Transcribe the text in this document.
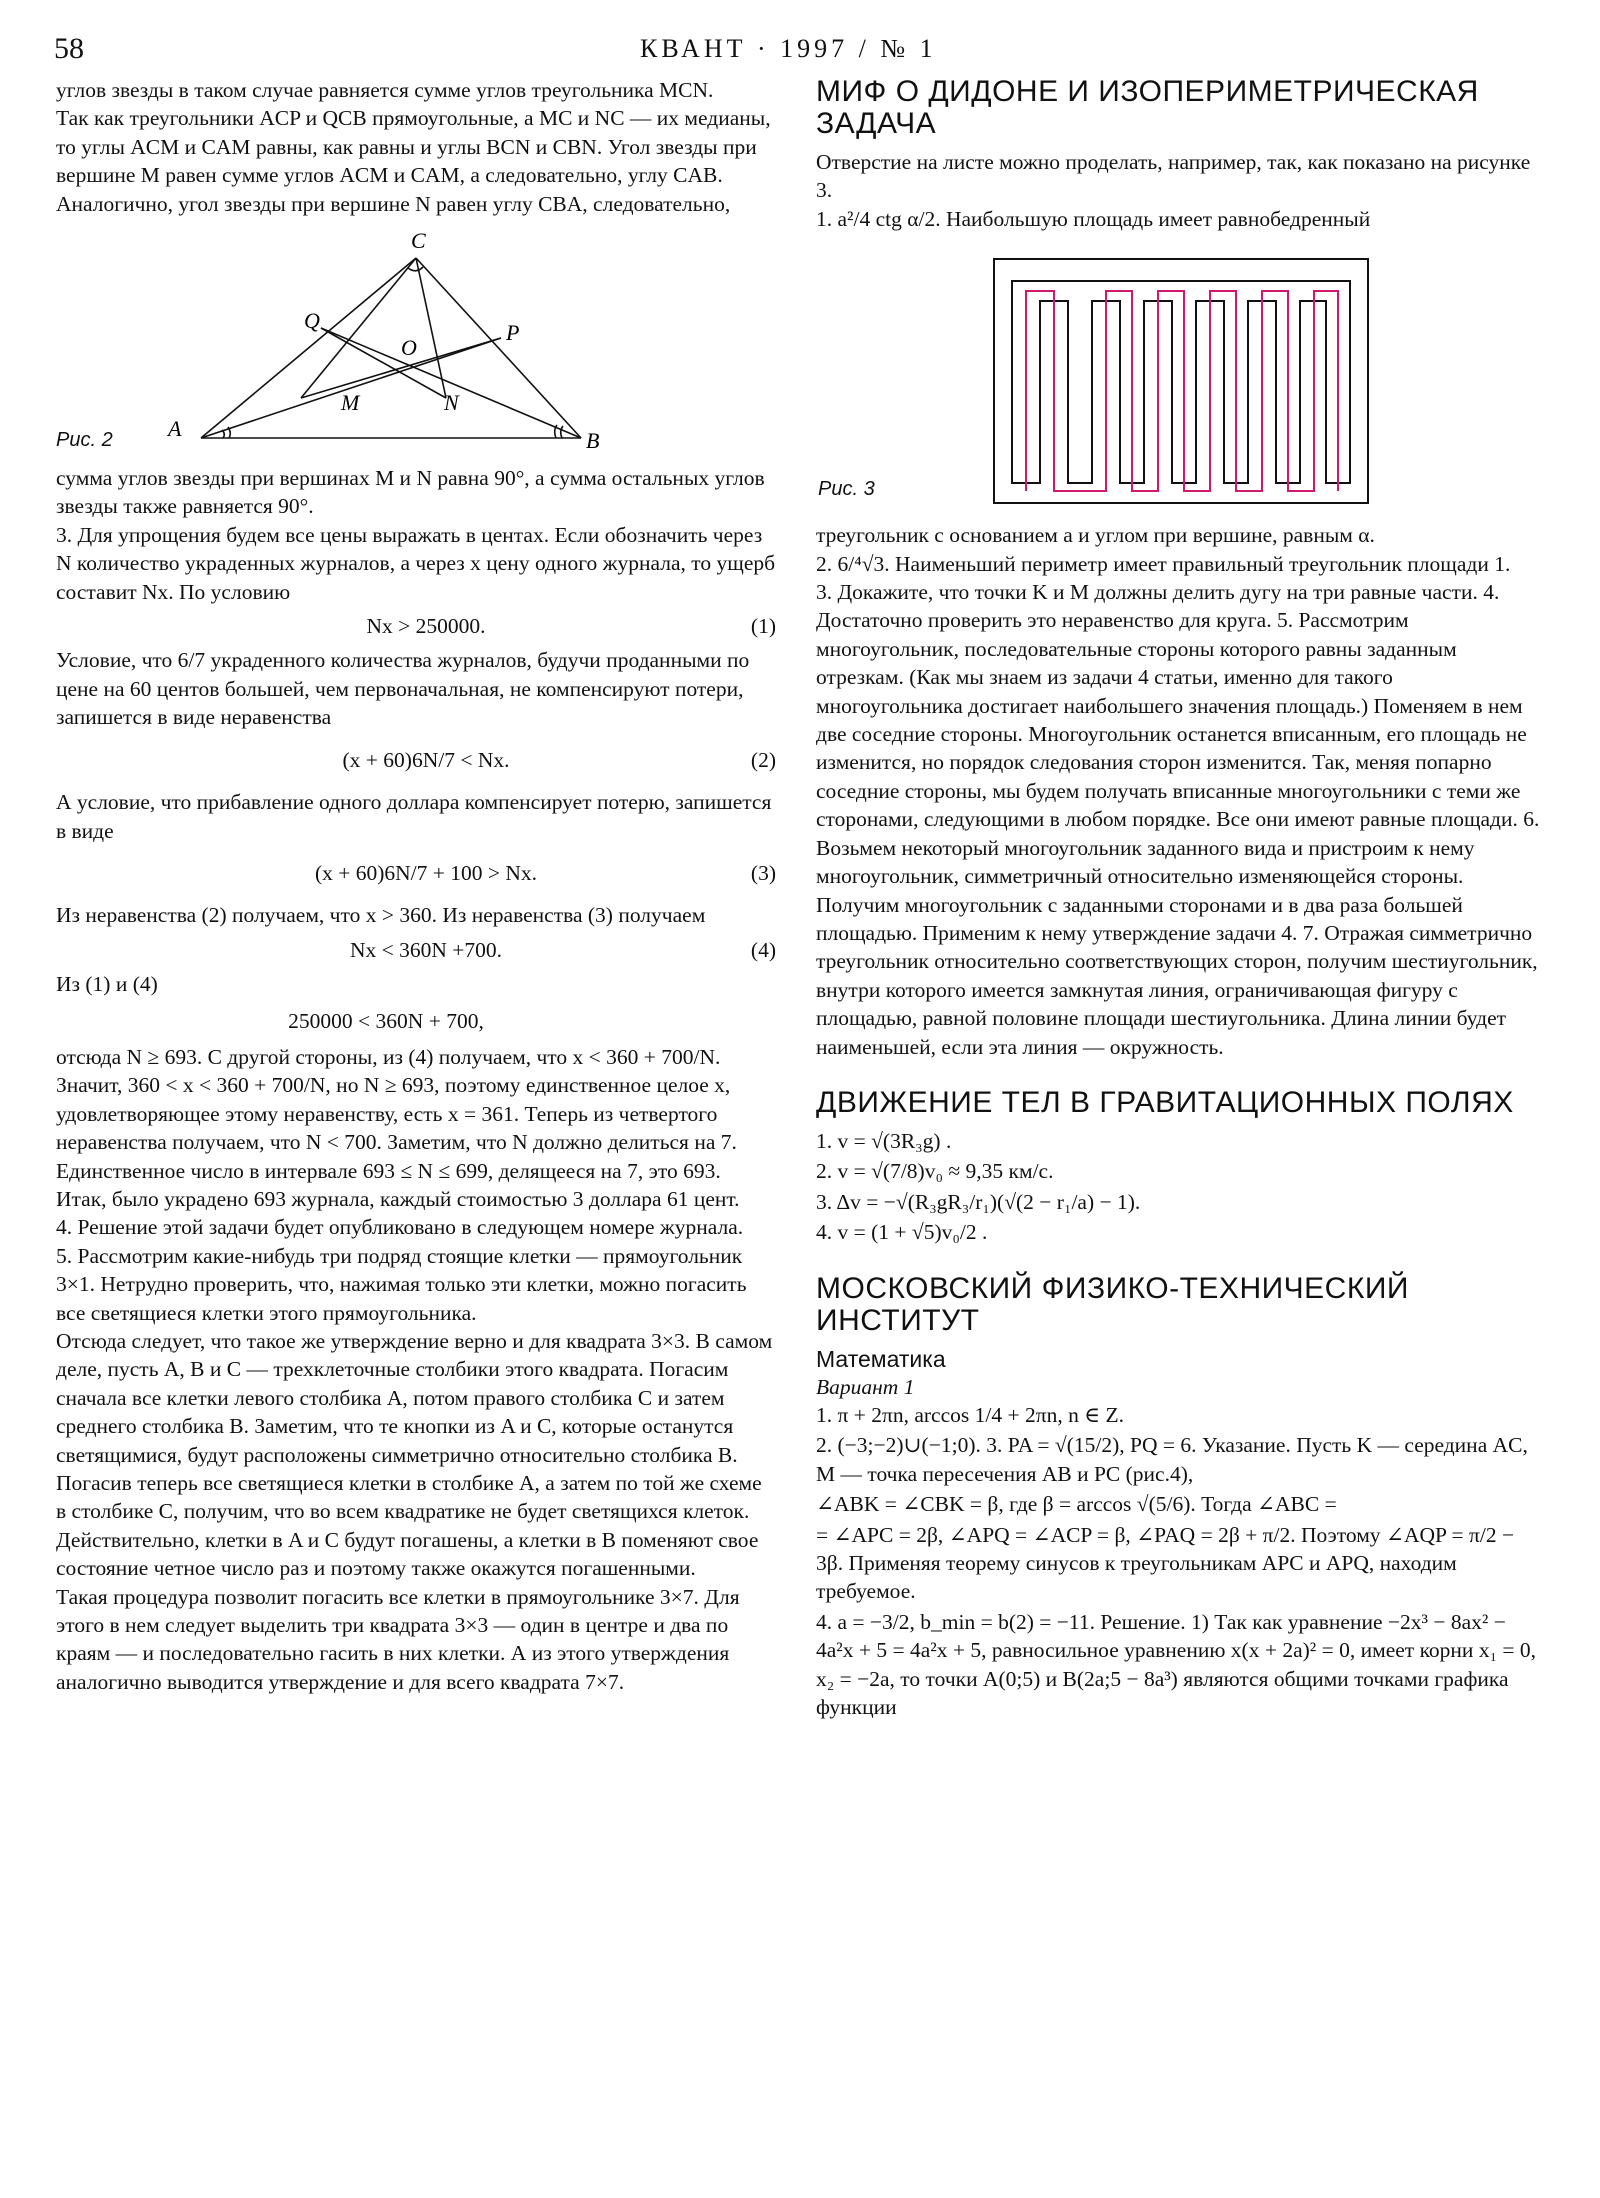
58	КВАНТ · 1997 / № 1

углов звезды в таком случае равняется сумме углов треугольника MCN.

Так как треугольники ACP и QCB прямоугольные, а MC и NC — их медианы, то углы ACM и CAM равны, как равны и углы BCN и CBN. Угол звезды при вершине M равен сумме углов ACM и CAM, а следовательно, углу CAB. Аналогично, угол звезды при вершине N равен углу CBA, следовательно,

C
Q	P
O
M	N
A	B
Рис. 2

сумма углов звезды при вершинах M и N равна 90°, а сумма остальных углов звезды также равняется 90°.

3. Для упрощения будем все цены выражать в центах. Если обозначить через N количество украденных журналов, а через x цену одного журнала, то ущерб составит Nx. По условию

Nx > 250000.	(1)

Условие, что 6/7 украденного количества журналов, будучи проданными по цене на 60 центов большей, чем первоначальная, не компенсируют потери, запишется в виде неравенства

(x + 60)6N/7 < Nx.	(2)

А условие, что прибавление одного доллара компенсирует потерю, запишется в виде

(x + 60)6N/7 + 100 > Nx.	(3)

Из неравенства (2) получаем, что x > 360. Из неравенства (3) получаем

Nx < 360N +700.	(4)

Из (1) и (4)

250000 < 360N + 700,

отсюда N ≥ 693. С другой стороны, из (4) получаем, что x < 360 + 700/N. Значит, 360 < x < 360 + 700/N, но N ≥ 693, поэтому единственное целое x, удовлетворяющее этому неравенству, есть x = 361. Теперь из четвертого неравенства получаем, что N < 700. Заметим, что N должно делиться на 7. Единственное число в интервале 693 ≤ N ≤ 699, делящееся на 7, это 693. Итак, было украдено 693 журнала, каждый стоимостью 3 доллара 61 цент.

4. Решение этой задачи будет опубликовано в следующем номере журнала.

5. Рассмотрим какие-нибудь три подряд стоящие клетки — прямоугольник 3×1. Нетрудно проверить, что, нажимая только эти клетки, можно погасить все светящиеся клетки этого прямоугольника.

Отсюда следует, что такое же утверждение верно и для квадрата 3×3. В самом деле, пусть A, B и C — трехклеточные столбики этого квадрата. Погасим сначала все клетки левого столбика A, потом правого столбика C и затем среднего столбика B. Заметим, что те кнопки из A и C, которые останутся светящимися, будут расположены симметрично относительно столбика B. Погасив теперь все светящиеся клетки в столбике A, а затем по той же схеме в столбике C, получим, что во всем квадратике не будет светящихся клеток. Действительно, клетки в A и C будут погашены, а клетки в B поменяют свое состояние четное число раз и поэтому также окажутся погашенными.

Такая процедура позволит погасить все клетки в прямоугольнике 3×7. Для этого в нем следует выделить три квадрата 3×3 — один в центре и два по краям — и последовательно гасить в них клетки. А из этого утверждения аналогично выводится утверждение и для всего квадрата 7×7.

МИФ О ДИДОНЕ И ИЗОПЕРИМЕТРИЧЕСКАЯ ЗАДАЧА

Отверстие на листе можно проделать, например, так, как показано на рисунке 3.

1. a²/4 ctg α/2. Наибольшую площадь имеет равнобедренный

Рис. 3

треугольник с основанием a и углом при вершине, равным α.

2. 6/⁴√3. Наименьший периметр имеет правильный треугольник площади 1.

3. Докажите, что точки K и M должны делить дугу на три равные части. 4. Достаточно проверить это неравенство для круга. 5. Рассмотрим многоугольник, последовательные стороны которого равны заданным отрезкам. (Как мы знаем из задачи 4 статьи, именно для такого многоугольника достигает наибольшего значения площадь.) Поменяем в нем две соседние стороны. Многоугольник останется вписанным, его площадь не изменится, но порядок следования сторон изменится. Так, меняя попарно соседние стороны, мы будем получать вписанные многоугольники с теми же сторонами, следующими в любом порядке. Все они имеют равные площади. 6. Возьмем некоторый многоугольник заданного вида и пристроим к нему многоугольник, симметричный относительно изменяющейся стороны. Получим многоугольник с заданными сторонами и в два раза большей площадью. Применим к нему утверждение задачи 4. 7. Отражая симметрично треугольник относительно соответствующих сторон, получим шестиугольник, внутри которого имеется замкнутая линия, ограничивающая фигуру с площадью, равной половине площади шестиугольника. Длина линии будет наименьшей, если эта линия — окружность.

ДВИЖЕНИЕ ТЕЛ В ГРАВИТАЦИОННЫХ ПОЛЯХ

1. v = √(3R₃g) .

2. v = √(7/8)v₀ ≈ 9,35 км/с.

3. Δv = −√(R₃gR₃/r₁)(√(2 − r₁/a) − 1).

4. v = (1 + √5)v₀/2 .

МОСКОВСКИЙ ФИЗИКО-ТЕХНИЧЕСКИЙ ИНСТИТУТ
Математика

Вариант 1

1. π + 2πn, arccos 1/4 + 2πn, n ∈ Z.

2. (−3;−2)∪(−1;0). 3. PA = √(15/2), PQ = 6. Указание. Пусть K — середина AC, M — точка пересечения AB и PC (рис.4),

∠ABK = ∠CBK = β, где β = arccos √(5/6). Тогда ∠ABC =

= ∠APC = 2β, ∠APQ = ∠ACP = β, ∠PAQ = 2β + π/2. Поэтому ∠AQP = π/2 − 3β. Применяя теорему синусов к треугольникам APC и APQ, находим требуемое.

4. a = −3/2, b_min = b(2) = −11. Решение. 1) Так как уравнение −2x³ − 8ax² − 4a²x + 5 = 4a²x + 5, равносильное уравнению x(x + 2a)² = 0, имеет корни x₁ = 0, x₂ = −2a, то точки A(0;5) и B(2a;5 − 8a³) являются общими точками графика функции
